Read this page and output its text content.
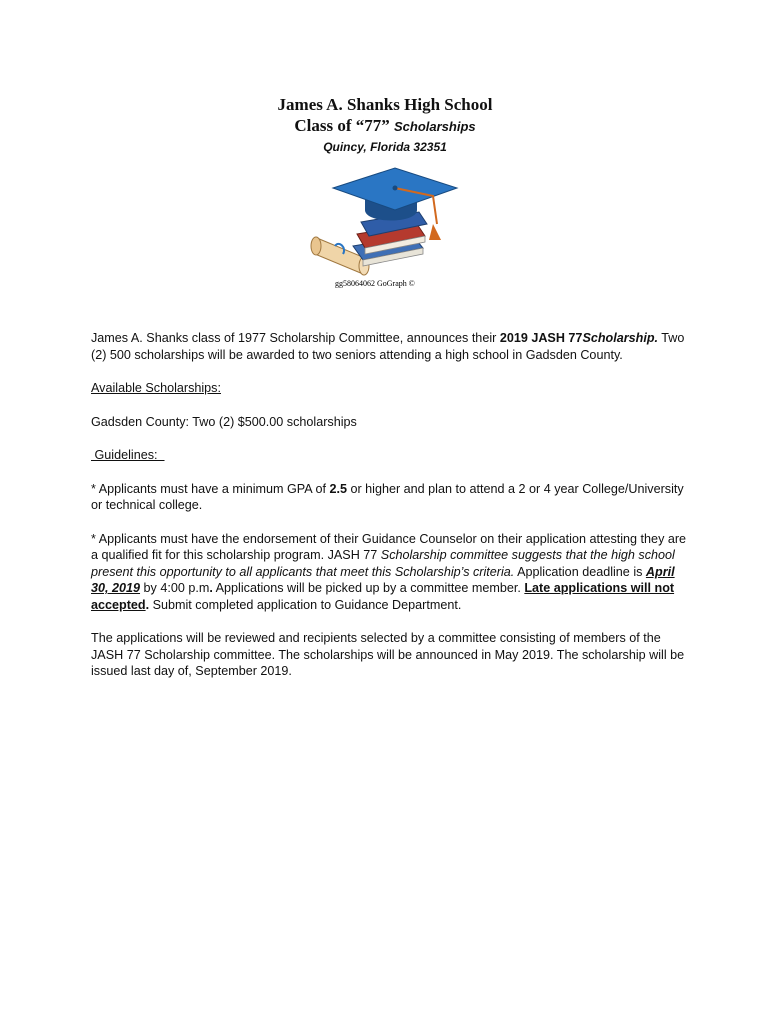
James A. Shanks High School
Class of “77” Scholarships
Quincy, Florida 32351
gg58064062 GoGraph ©

James A. Shanks class of 1977 Scholarship Committee, announces their 2019 JASH 77Scholarship. Two (2) 500 scholarships will be awarded to two seniors attending a high school in Gadsden County.

Available Scholarships:

Gadsden County: Two (2) $500.00 scholarships

Guidelines:

* Applicants must have a minimum GPA of 2.5 or higher and plan to attend a 2 or 4 year College/University or technical college.

* Applicants must have the endorsement of their Guidance Counselor on their application attesting they are a qualified fit for this scholarship program. JASH 77 Scholarship committee suggests that the high school present this opportunity to all applicants that meet this Scholarship’s criteria. Application deadline is April 30, 2019 by 4:00 p.m. Applications will be picked up by a committee member. Late applications will not accepted. Submit completed application to Guidance Department.

The applications will be reviewed and recipients selected by a committee consisting of members of the JASH 77 Scholarship committee. The scholarships will be announced in May 2019. The scholarship will be issued last day of, September 2019.
